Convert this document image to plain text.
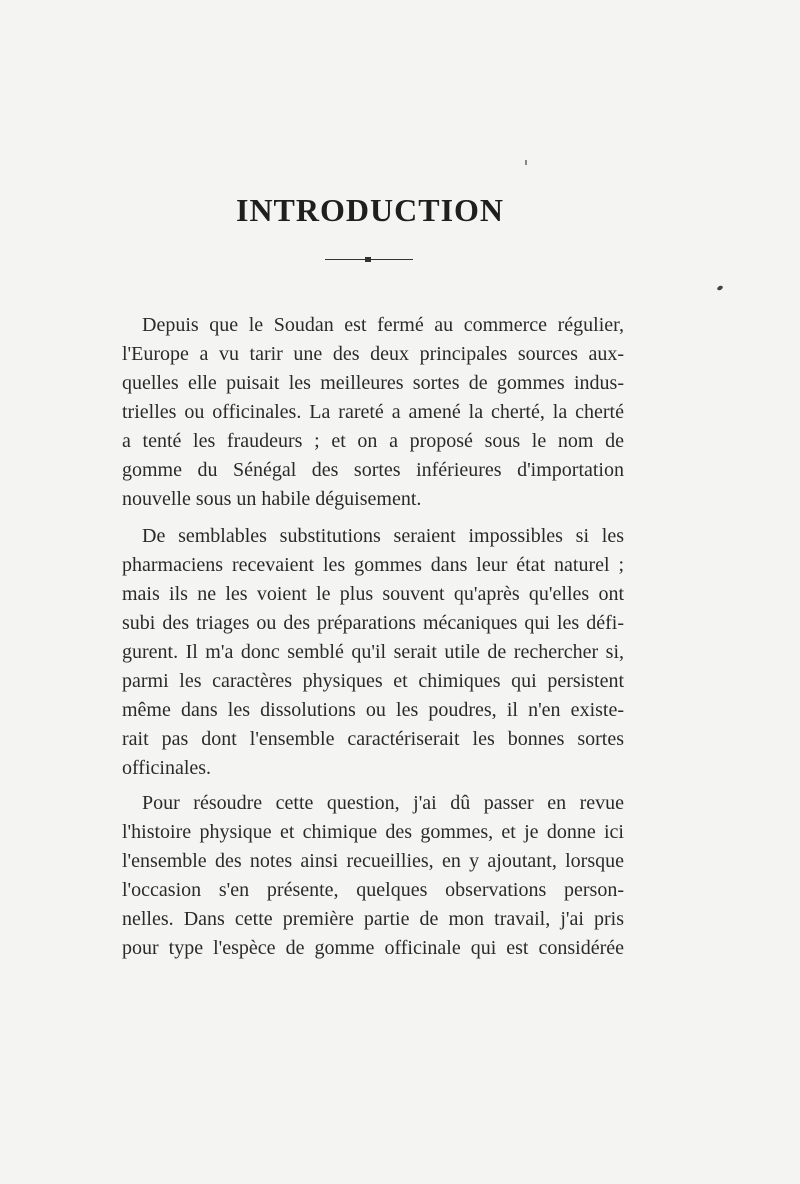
INTRODUCTION
Depuis que le Soudan est fermé au commerce régulier,
l'Europe a vu tarir une des deux principales sources aux-
quelles elle puisait les meilleures sortes de gommes indus-
trielles ou officinales. La rareté a amené la cherté, la cherté
a tenté les fraudeurs ; et on a proposé sous le nom de
gomme du Sénégal des sortes inférieures d'importation
nouvelle sous un habile déguisement.
De semblables substitutions seraient impossibles si les
pharmaciens recevaient les gommes dans leur état naturel ;
mais ils ne les voient le plus souvent qu'après qu'elles ont
subi des triages ou des préparations mécaniques qui les défi-
gurent. Il m'a donc semblé qu'il serait utile de rechercher si,
parmi les caractères physiques et chimiques qui persistent
même dans les dissolutions ou les poudres, il n'en existe-
rait pas dont l'ensemble caractériserait les bonnes sortes
officinales.
Pour résoudre cette question, j'ai dû passer en revue
l'histoire physique et chimique des gommes, et je donne ici
l'ensemble des notes ainsi recueillies, en y ajoutant, lorsque
l'occasion s'en présente, quelques observations person-
nelles. Dans cette première partie de mon travail, j'ai pris
pour type l'espèce de gomme officinale qui est considérée
